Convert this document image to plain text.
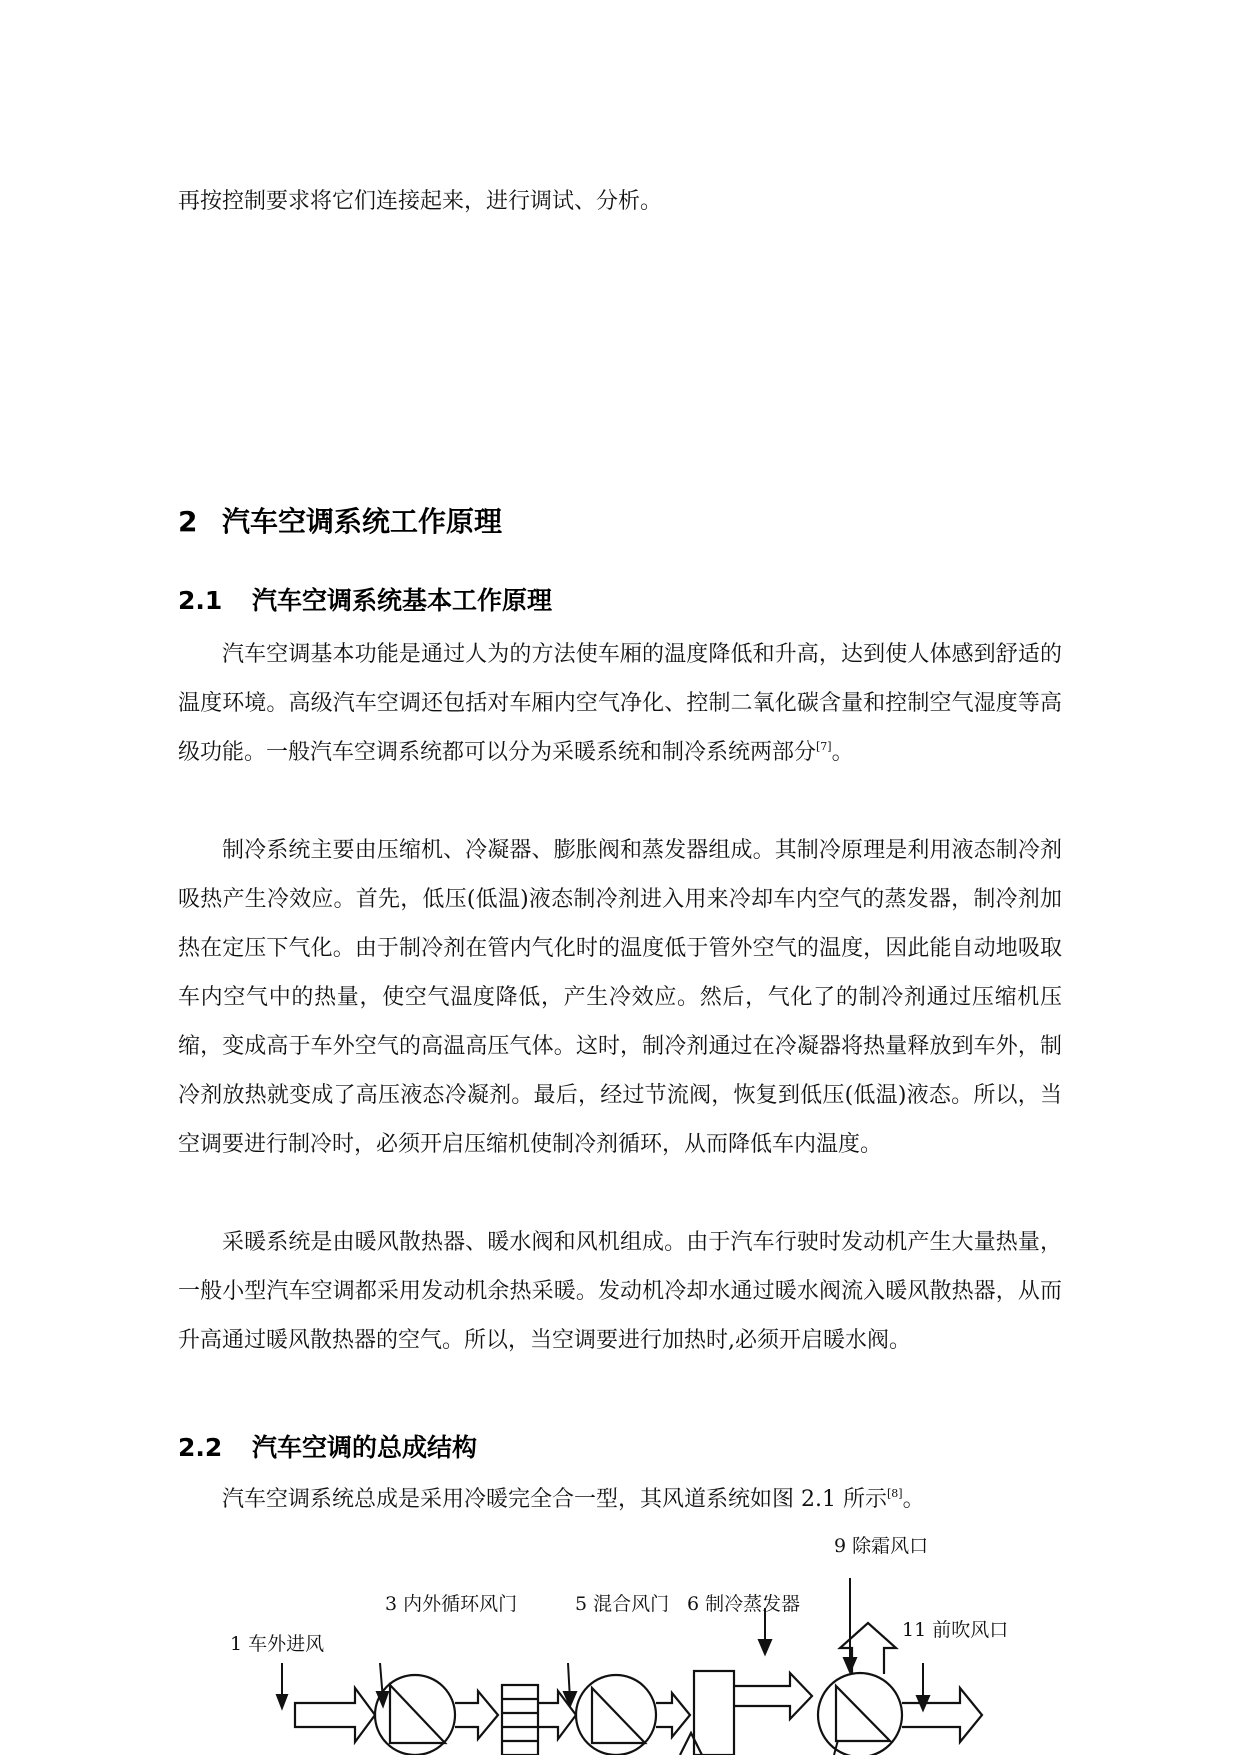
再按控制要求将它们连接起来，进行调试、分析。
2 汽车空调系统工作原理
2.1 汽车空调系统基本工作原理
汽车空调基本功能是通过人为的方法使车厢的温度降低和升高，达到使人体感到舒适的温度环境。高级汽车空调还包括对车厢内空气净化、控制二氧化碳含量和控制空气湿度等高级功能。一般汽车空调系统都可以分为采暖系统和制冷系统两部分[7]。
制冷系统主要由压缩机、冷凝器、膨胀阀和蒸发器组成。其制冷原理是利用液态制冷剂吸热产生冷效应。首先，低压(低温)液态制冷剂进入用来冷却车内空气的蒸发器，制冷剂加热在定压下气化。由于制冷剂在管内气化时的温度低于管外空气的温度，因此能自动地吸取车内空气中的热量，使空气温度降低，产生冷效应。然后，气化了的制冷剂通过压缩机压缩，变成高于车外空气的高温高压气体。这时，制冷剂通过在冷凝器将热量释放到车外，制冷剂放热就变成了高压液态冷凝剂。最后，经过节流阀，恢复到低压(低温)液态。所以，当空调要进行制冷时，必须开启压缩机使制冷剂循环，从而降低车内温度。
采暖系统是由暖风散热器、暖水阀和风机组成。由于汽车行驶时发动机产生大量热量，一般小型汽车空调都采用发动机余热采暖。发动机冷却水通过暖水阀流入暖风散热器，从而升高通过暖风散热器的空气。所以，当空调要进行加热时,必须开启暖水阀。
2.2 汽车空调的总成结构
汽车空调系统总成是采用冷暖完全合一型，其风道系统如图 2.1 所示[8]。
1 车外进风
3 内外循环风门	5 混合风门 6 制冷蒸发器
9 除霜风口
11 前吹风口
